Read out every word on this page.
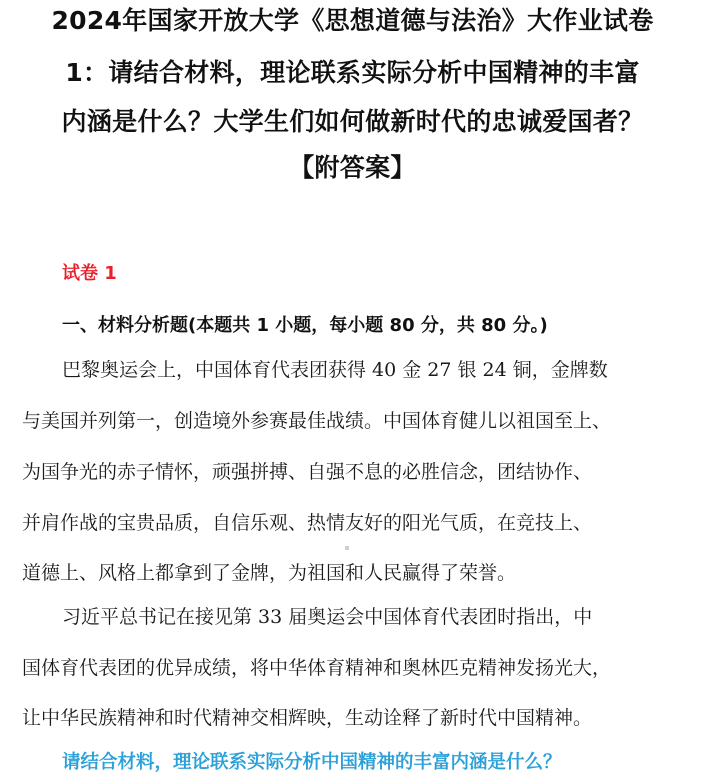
2024年国家开放大学《思想道德与法治》大作业试卷
1：请结合材料，理论联系实际分析中国精神的丰富
内涵是什么？大学生们如何做新时代的忠诚爱国者？
【附答案】
试卷 1
一、材料分析题(本题共 1 小题，每小题 80 分，共 80 分。)
巴黎奥运会上，中国体育代表团获得 40 金 27 银 24 铜，金牌数
与美国并列第一，创造境外参赛最佳战绩。中国体育健儿以祖国至上、
为国争光的赤子情怀，顽强拼搏、自强不息的必胜信念，团结协作、
并肩作战的宝贵品质，自信乐观、热情友好的阳光气质，在竞技上、
道德上、风格上都拿到了金牌，为祖国和人民赢得了荣誉。
习近平总书记在接见第 33 届奥运会中国体育代表团时指出，中
国体育代表团的优异成绩，将中华体育精神和奥林匹克精神发扬光大，
让中华民族精神和时代精神交相辉映，生动诠释了新时代中国精神。
请结合材料，理论联系实际分析中国精神的丰富内涵是什么？
